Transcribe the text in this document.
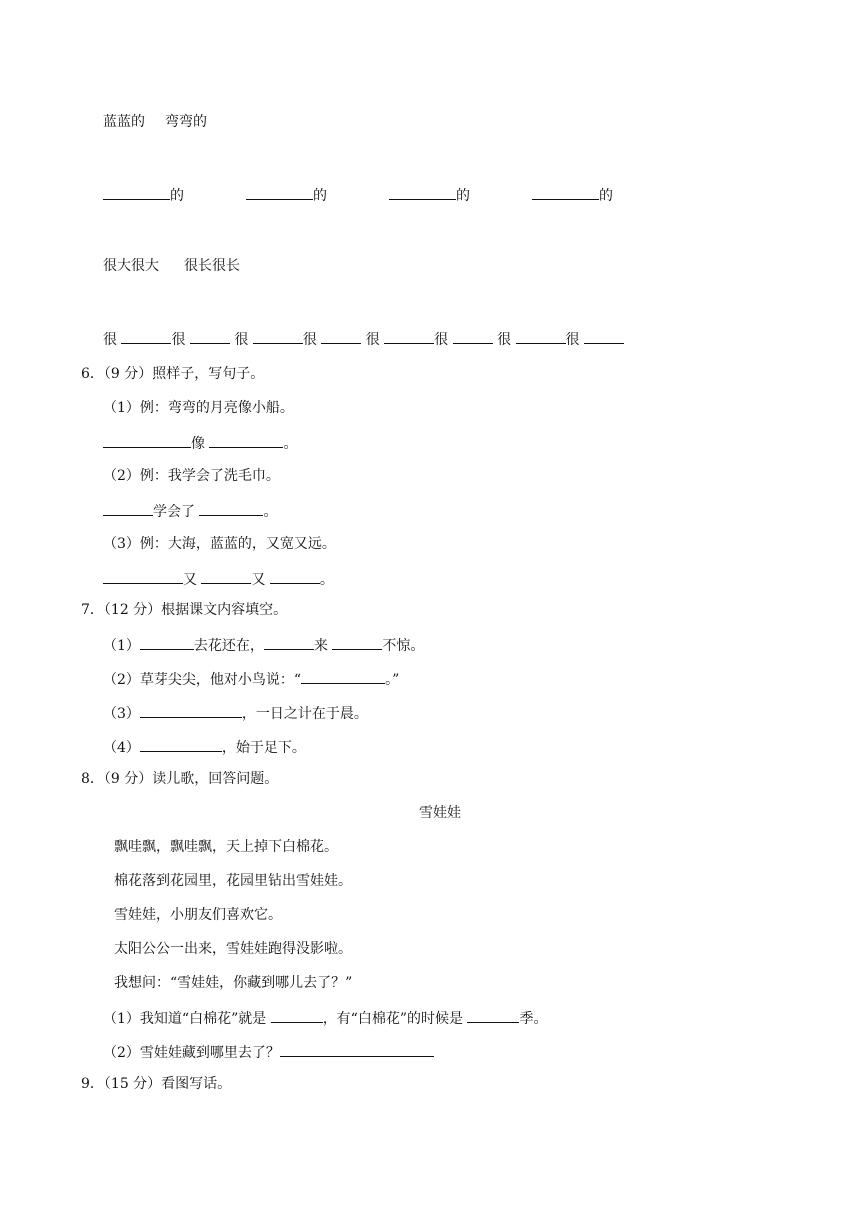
蓝蓝的 弯弯的
的	的	的	的
很大很大 很长很长
很	很	很	很	很	很	很	很
6．（9 分）照样子，写句子。
（1）例：弯弯的月亮像小船。
像	。
（2）例：我学会了洗毛巾。
学会了	。
（3）例：大海，蓝蓝的，又宽又远。
又	又	。
7．（12 分）根据课文内容填空。
（1）	去花还在，	来	不惊。
（2）草芽尖尖，他对小鸟说：“	。”
（3）	，一日之计在于晨。
（4）	，始于足下。
8．（9 分）读儿歌，回答问题。
雪娃娃
飘哇飘，飘哇飘，天上掉下白棉花。
棉花落到花园里，花园里钻出雪娃娃。
雪娃娃，小朋友们喜欢它。
太阳公公一出来，雪娃娃跑得没影啦。
我想问：“雪娃娃，你藏到哪儿去了？”
（1）我知道“白棉花”就是	，有“白棉花”的时候是	季。
（2）雪娃娃藏到哪里去了？
9．（15 分）看图写话。
